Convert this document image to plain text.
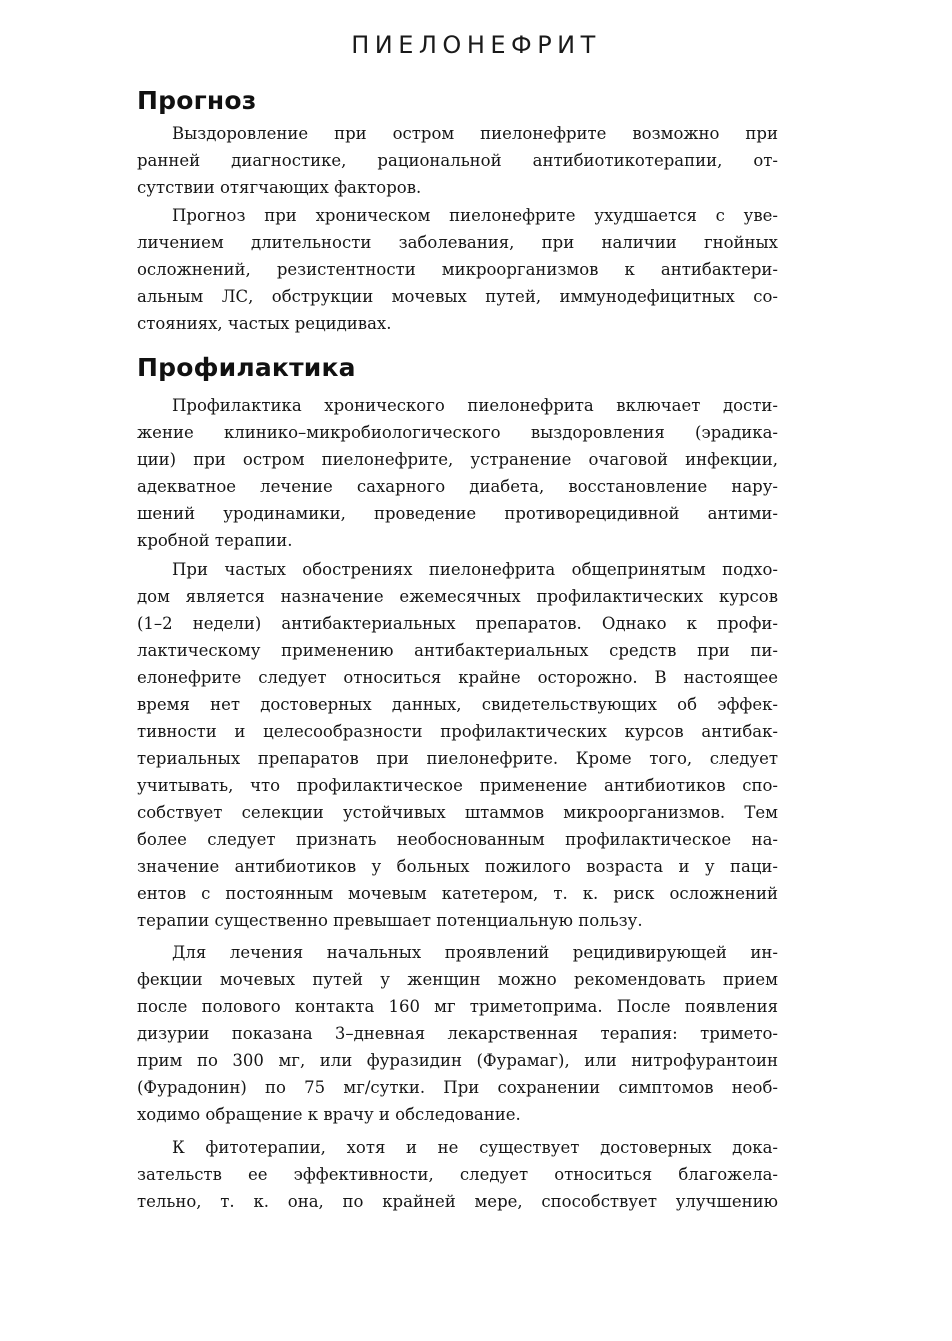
ПИЕЛОНЕФРИТ
Прогноз
Выздоровление при остром пиелонефрите возможно при
ранней диагностике, рациональной антибиотикотерапии, от-
сутствии отягчающих факторов.
Прогноз при хроническом пиелонефрите ухудшается с уве-
личением длительности заболевания, при наличии гнойных
осложнений, резистентности микроорганизмов к антибактери-
альным ЛС, обструкции мочевых путей, иммунодефицитных со-
стояниях, частых рецидивах.
Профилактика
Профилактика хронического пиелонефрита включает дости-
жение клинико–микробиологического выздоровления (эрадика-
ции) при остром пиелонефрите, устранение очаговой инфекции,
адекватное лечение сахарного диабета, восстановление нару-
шений уродинамики, проведение противорецидивной антими-
кробной терапии.
При частых обострениях пиелонефрита общепринятым подхо-
дом является назначение ежемесячных профилактических курсов
(1–2 недели) антибактериальных препаратов. Однако к профи-
лактическому применению антибактериальных средств при пи-
елонефрите следует относиться крайне осторожно. В настоящее
время нет достоверных данных, свидетельствующих об эффек-
тивности и целесообразности профилактических курсов антибак-
териальных препаратов при пиелонефрите. Кроме того, следует
учитывать, что профилактическое применение антибиотиков спо-
собствует селекции устойчивых штаммов микроорганизмов. Тем
более следует признать необоснованным профилактическое на-
значение антибиотиков у больных пожилого возраста и у паци-
ентов с постоянным мочевым катетером, т. к. риск осложнений
терапии существенно превышает потенциальную пользу.
Для лечения начальных проявлений рецидивирующей ин-
фекции мочевых путей у женщин можно рекомендовать прием
после полового контакта 160 мг триметоприма. После появления
дизурии показана 3–дневная лекарственная терапия: тримето-
прим по 300 мг, или фуразидин (Фурамаг), или нитрофурантоин
(Фурадонин) по 75 мг/сутки. При сохранении симптомов необ-
ходимо обращение к врачу и обследование.
К фитотерапии, хотя и не существует достоверных дока-
зательств ее эффективности, следует относиться благожела-
тельно, т. к. она, по крайней мере, способствует улучшению
